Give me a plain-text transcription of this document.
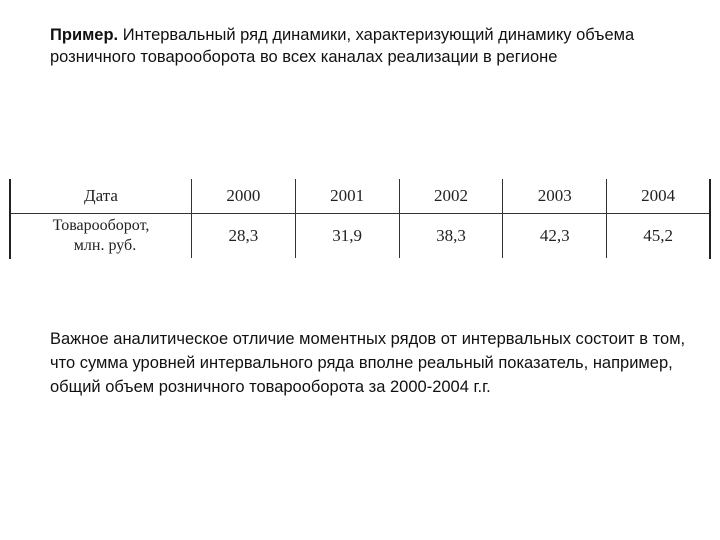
Пример. Интервальный ряд динамики, характеризующий динамику объема розничного товарооборота во всех каналах реализации в регионе

Дата	2000	2001	2002	2003	2004

Товарооборот,
млн. руб.	28,3	31,9	38,3	42,3	45,2

Важное аналитическое отличие моментных рядов от интервальных состоит в том, что сумма уровней интервального ряда вполне реальный показатель, например, общий объем розничного товарооборота за 2000-2004 г.г.
